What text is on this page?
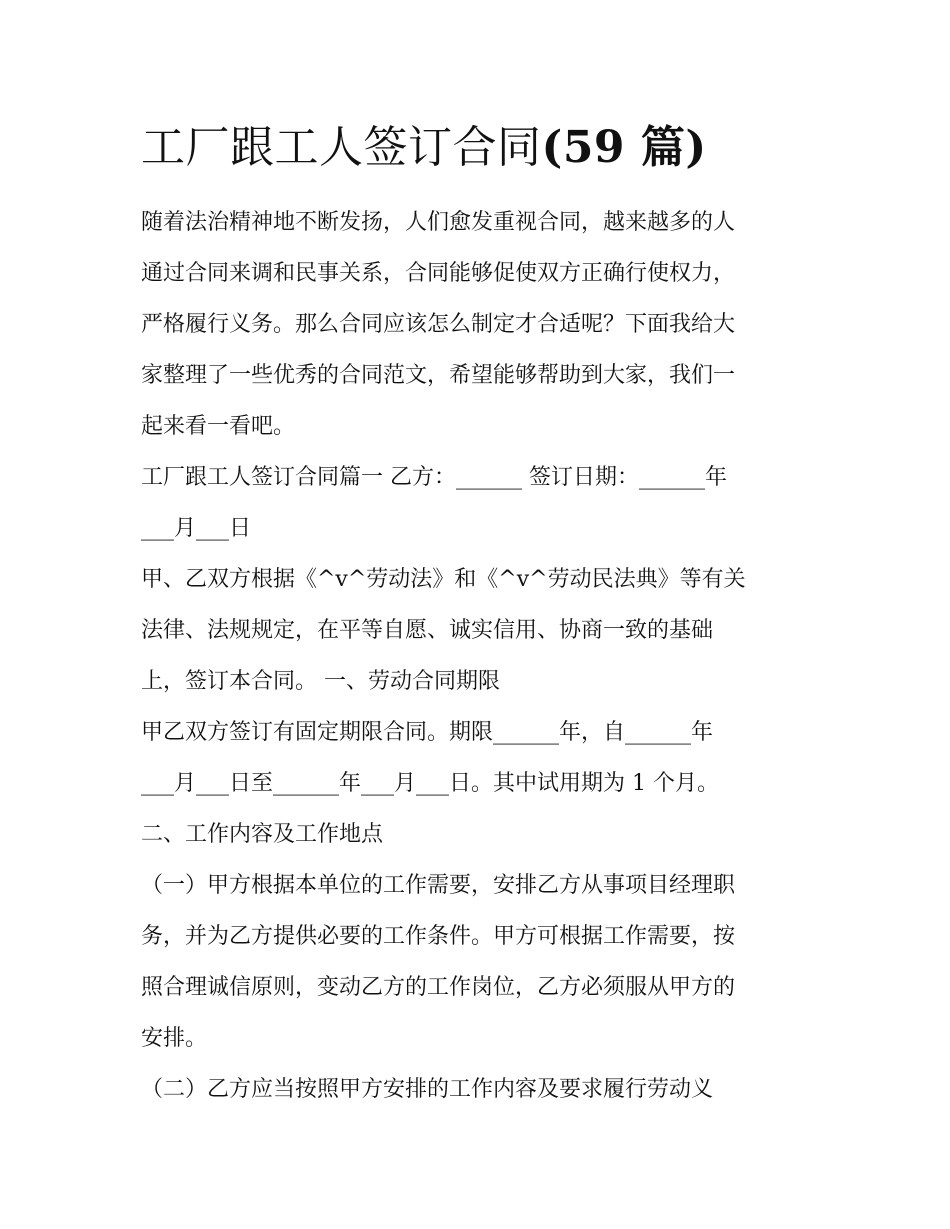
工厂跟工人签订合同(59 篇)

随着法治精神地不断发扬，人们愈发重视合同，越来越多的人
通过合同来调和民事关系，合同能够促使双方正确行使权力，
严格履行义务。那么合同应该怎么制定才合适呢？下面我给大
家整理了一些优秀的合同范文，希望能够帮助到大家，我们一
起来看一看吧。

工厂跟工人签订合同篇一 乙方：______ 签订日期：______年
___月___日

甲、乙双方根据《^v^劳动法》和《^v^劳动民法典》等有关
法律、法规规定，在平等自愿、诚实信用、协商一致的基础
上，签订本合同。 一、劳动合同期限

甲乙双方签订有固定期限合同。期限______年，自______年
___月___日至______年___月___日。其中试用期为 1 个月。

二、工作内容及工作地点

（一）甲方根据本单位的工作需要，安排乙方从事项目经理职
务，并为乙方提供必要的工作条件。甲方可根据工作需要，按
照合理诚信原则，变动乙方的工作岗位，乙方必须服从甲方的
安排。

（二）乙方应当按照甲方安排的工作内容及要求履行劳动义
